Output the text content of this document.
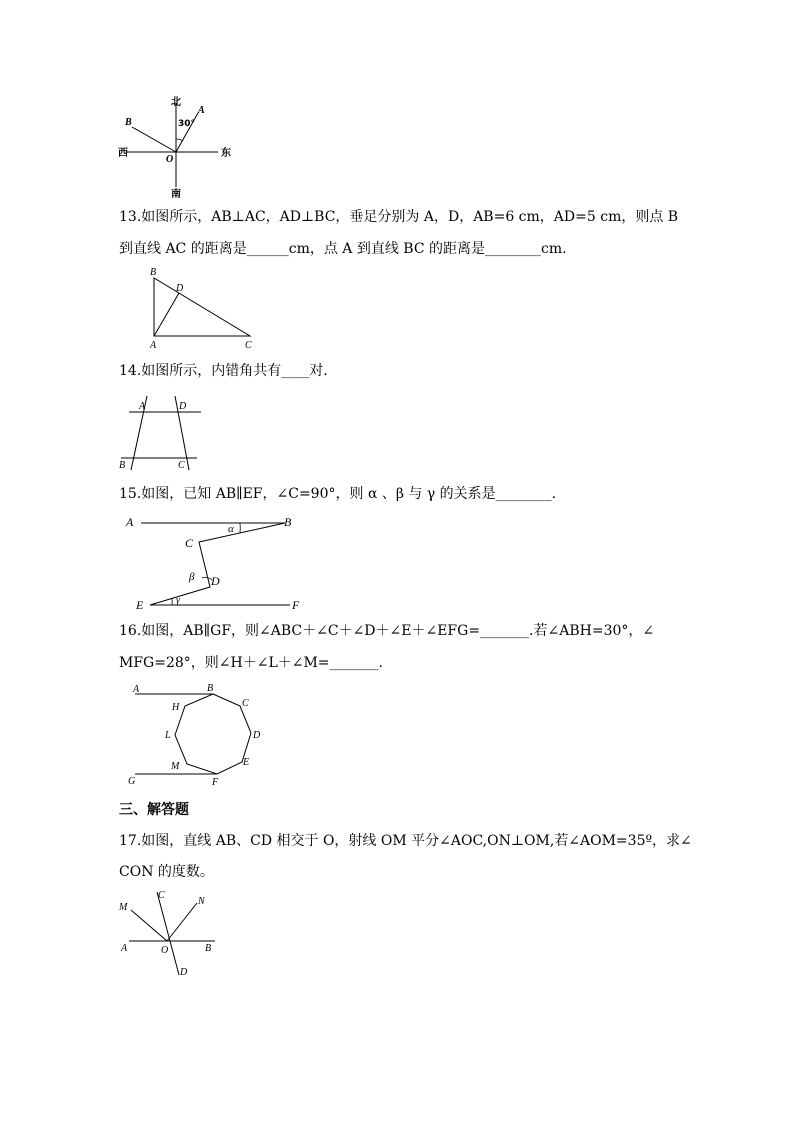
北
南
东
西
30°
A
B
O
13.如图所示，AB⊥AC，AD⊥BC，垂足分别为 A，D，AB=6 cm，AD=5 cm，则点 B
到直线 AC 的距离是______cm，点 A 到直线 BC 的距离是________cm.
B
D
A	C
14.如图所示，内错角共有____对.
A	D
B	C
15.如图，已知 AB∥EF，∠C=90°，则 α 、β 与 γ 的关系是________.
A	B
C
D
E	F
α
β
γ
16.如图，AB∥GF，则∠ABC＋∠C＋∠D＋∠E＋∠EFG=_______.若∠ABH=30°，∠
MFG=28°，则∠H＋∠L＋∠M=_______.
A	B
C
D
E
F
G
H
L
M
三、解答题
17.如图，直线 AB、CD 相交于 O，射线 OM 平分∠AOC,ON⊥OM,若∠AOM=35º，求∠
CON 的度数。
M
C
N
A	O	B
D
